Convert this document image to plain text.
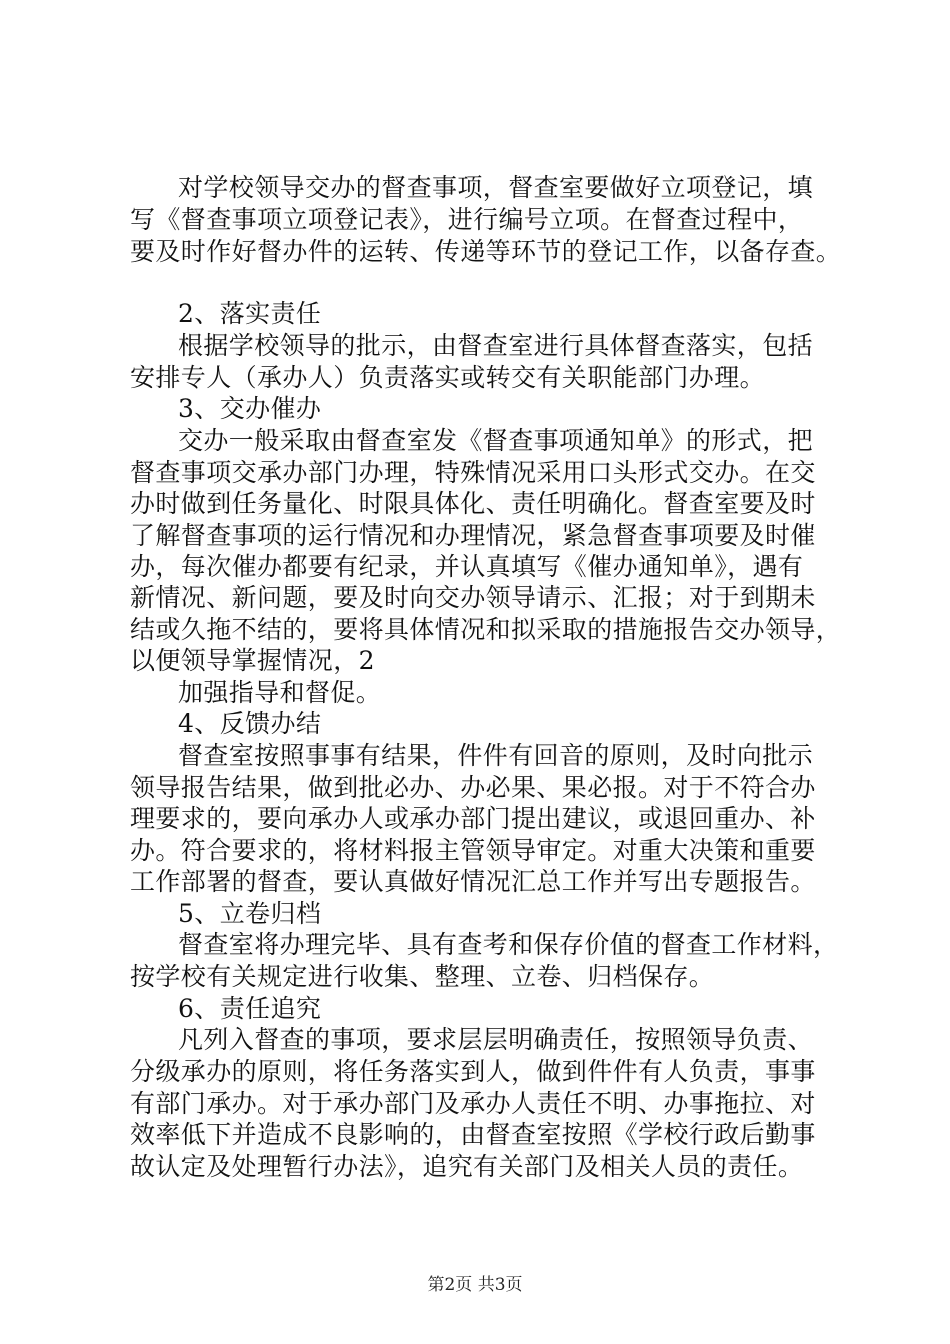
对学校领导交办的督查事项，督查室要做好立项登记，填
写《督查事项立项登记表》，进行编号立项。在督查过程中，
要及时作好督办件的运转、传递等环节的登记工作，以备存查。
2、落实责任
根据学校领导的批示，由督查室进行具体督查落实，包括
安排专人（承办人）负责落实或转交有关职能部门办理。
3、交办催办
交办一般采取由督查室发《督查事项通知单》的形式，把
督查事项交承办部门办理，特殊情况采用口头形式交办。在交
办时做到任务量化、时限具体化、责任明确化。督查室要及时
了解督查事项的运行情况和办理情况，紧急督查事项要及时催
办，每次催办都要有纪录，并认真填写《催办通知单》，遇有
新情况、新问题，要及时向交办领导请示、汇报；对于到期未
结或久拖不结的，要将具体情况和拟采取的措施报告交办领导，
以便领导掌握情况，2
加强指导和督促。
4、反馈办结
督查室按照事事有结果，件件有回音的原则，及时向批示
领导报告结果，做到批必办、办必果、果必报。对于不符合办
理要求的，要向承办人或承办部门提出建议，或退回重办、补
办。符合要求的，将材料报主管领导审定。对重大决策和重要
工作部署的督查，要认真做好情况汇总工作并写出专题报告。
5、立卷归档
督查室将办理完毕、具有查考和保存价值的督查工作材料，
按学校有关规定进行收集、整理、立卷、归档保存。
6、责任追究
凡列入督查的事项，要求层层明确责任，按照领导负责、
分级承办的原则，将任务落实到人，做到件件有人负责，事事
有部门承办。对于承办部门及承办人责任不明、办事拖拉、对
效率低下并造成不良影响的，由督查室按照《学校行政后勤事
故认定及处理暂行办法》，追究有关部门及相关人员的责任。
第2页 共3页
